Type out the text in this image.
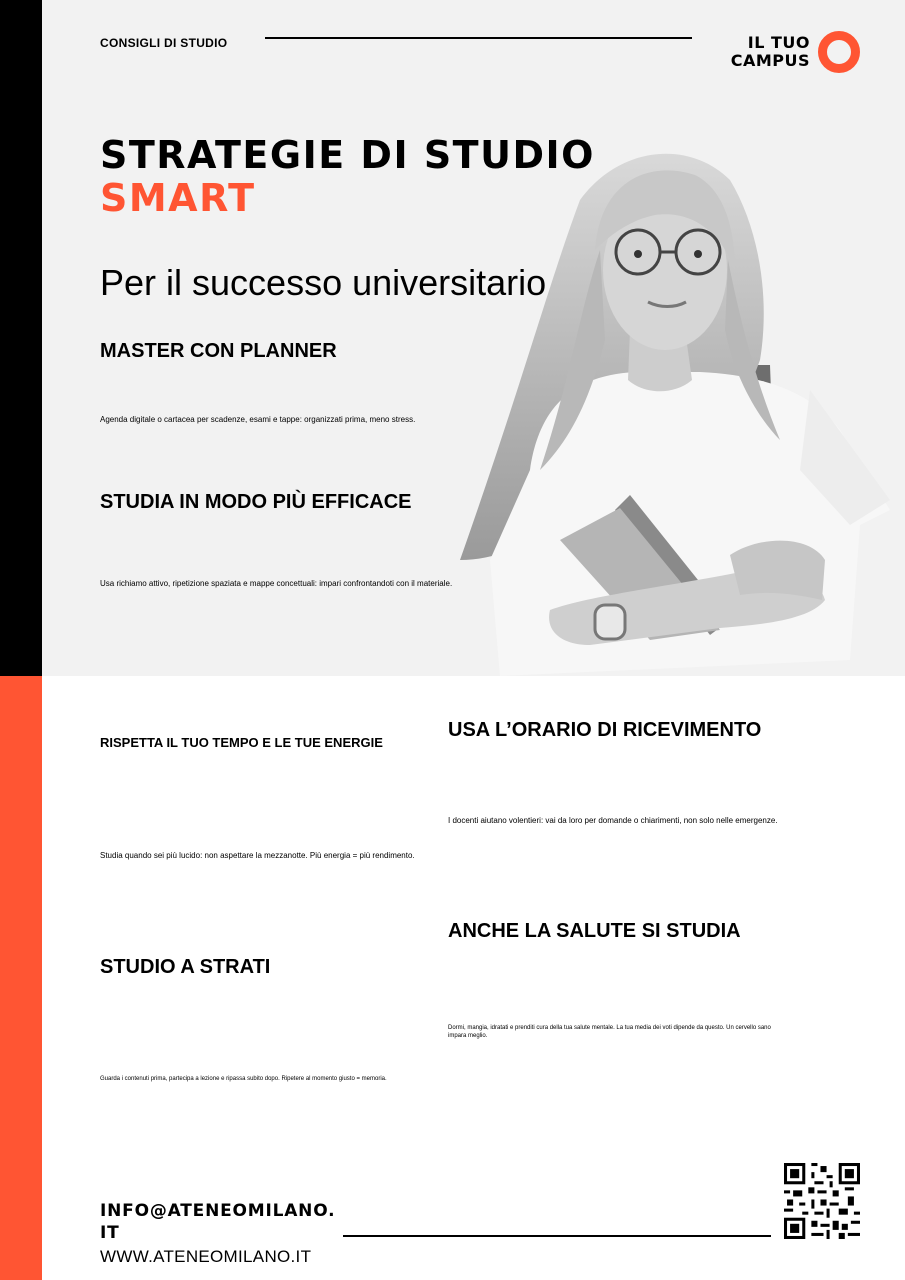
CONSIGLI DI STUDIO	IL TUO
CAMPUS
STRATEGIE DI STUDIO
SMART
Per il successo universitario
MASTER CON PLANNER
Agenda digitale o cartacea per scadenze, esami e tappe: organizzati prima, meno stress.
STUDIA IN MODO PIÙ EFFICACE
Usa richiamo attivo, ripetizione spaziata e mappe concettuali: impari confrontandoti con il materiale.
RISPETTA IL TUO TEMPO E LE TUE ENERGIE
Studia quando sei più lucido: non aspettare la mezzanotte. Più energia = più rendimento.
USA L’ORARIO DI RICEVIMENTO
I docenti aiutano volentieri: vai da loro per domande o chiarimenti, non solo nelle emergenze.
ANCHE LA SALUTE SI STUDIA
Dormi, mangia, idratati e prenditi cura della tua salute mentale. La tua media dei voti dipende da questo. Un cervello sano impara meglio.
STUDIO A STRATI
Guarda i contenuti prima, partecipa a lezione e ripassa subito dopo. Ripetere al momento giusto = memoria.
INFO@ATENEOMILANO.IT
WWW.ATENEOMILANO.IT
